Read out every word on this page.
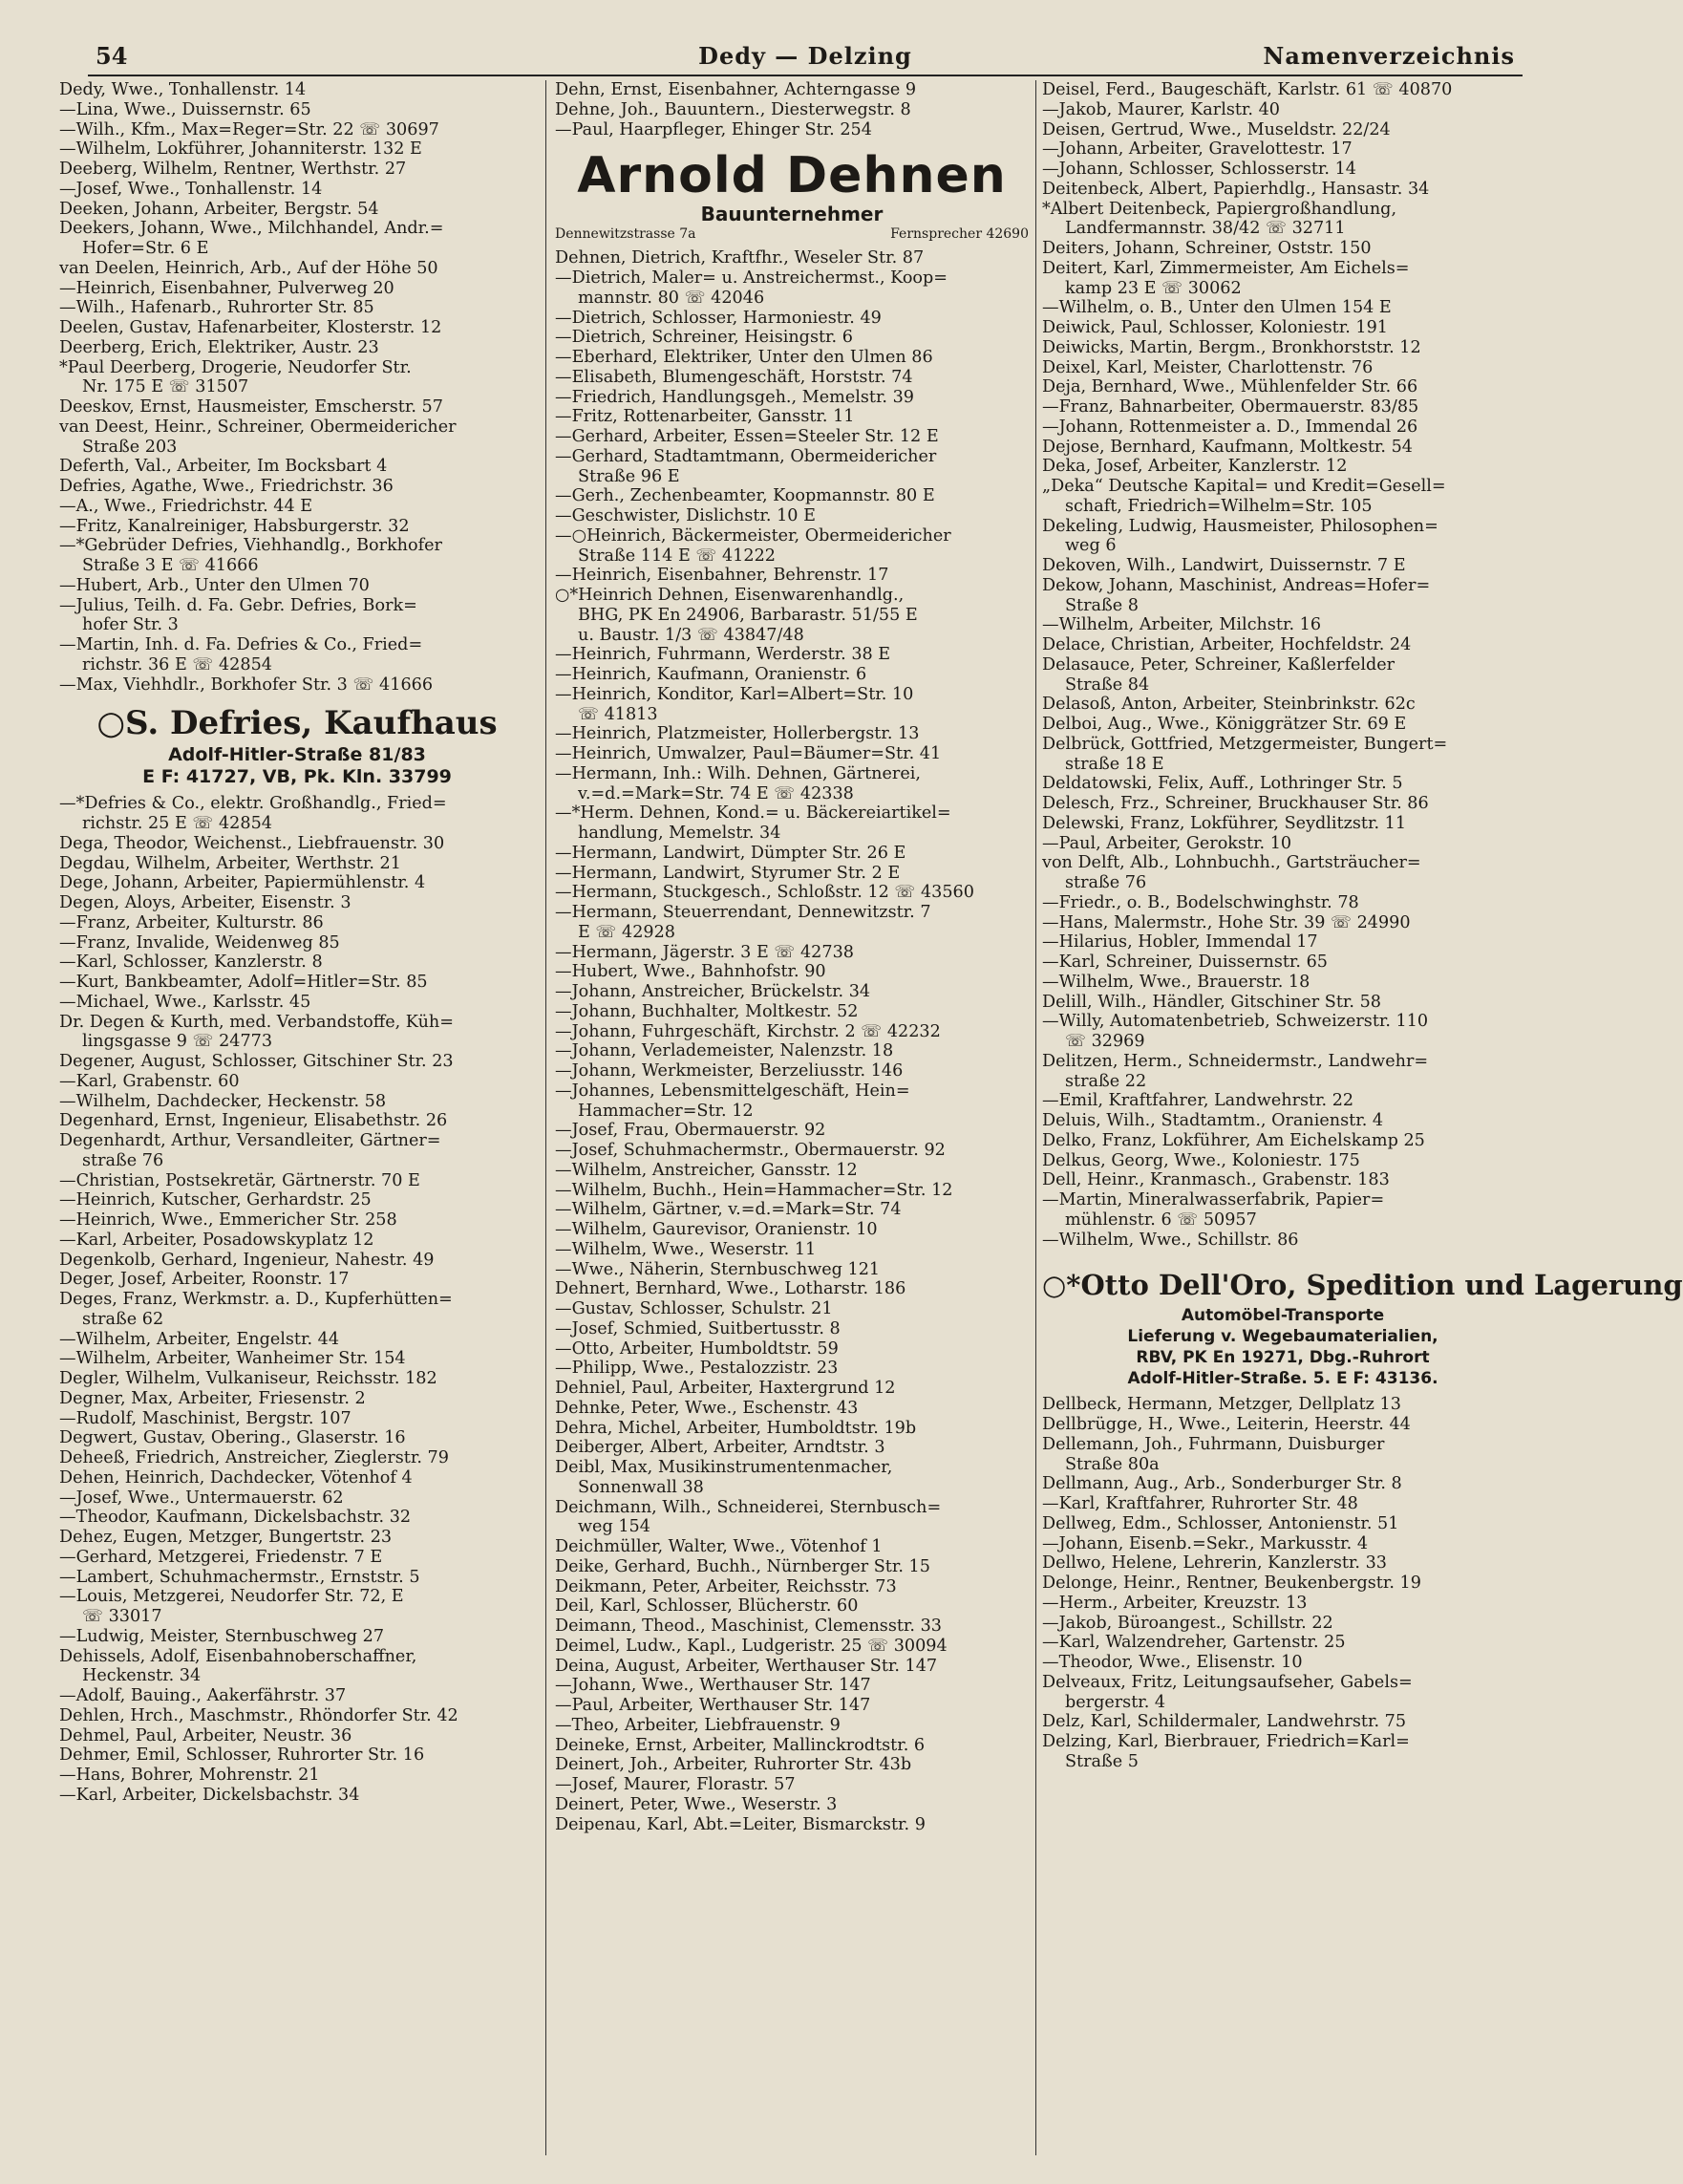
54	Dedy — Delzing	Namenverzeichnis
Dedy, Wwe., Tonhallenstr. 14
—Lina, Wwe., Duissernstr. 65
—Wilh., Kfm., Max=Reger=Str. 22 ☏ 30697
—Wilhelm, Lokführer, Johanniterstr. 132 E
Deeberg, Wilhelm, Rentner, Werthstr. 27
—Josef, Wwe., Tonhallenstr. 14
Deeken, Johann, Arbeiter, Bergstr. 54
Deekers, Johann, Wwe., Milchhandel, Andr.=
Hofer=Str. 6 E
van Deelen, Heinrich, Arb., Auf der Höhe 50
—Heinrich, Eisenbahner, Pulverweg 20
—Wilh., Hafenarb., Ruhrorter Str. 85
Deelen, Gustav, Hafenarbeiter, Klosterstr. 12
Deerberg, Erich, Elektriker, Austr. 23
*Paul Deerberg, Drogerie, Neudorfer Str.
Nr. 175 E ☏ 31507
Deeskov, Ernst, Hausmeister, Emscherstr. 57
van Deest, Heinr., Schreiner, Obermeidericher
Straße 203
Deferth, Val., Arbeiter, Im Bocksbart 4
Defries, Agathe, Wwe., Friedrichstr. 36
—A., Wwe., Friedrichstr. 44 E
—Fritz, Kanalreiniger, Habsburgerstr. 32
—*Gebrüder Defries, Viehhandlg., Borkhofer
Straße 3 E ☏ 41666
—Hubert, Arb., Unter den Ulmen 70
—Julius, Teilh. d. Fa. Gebr. Defries, Bork=
hofer Str. 3
—Martin, Inh. d. Fa. Defries & Co., Fried=
richstr. 36 E ☏ 42854
—Max, Viehhdlr., Borkhofer Str. 3 ☏ 41666
○S. Defries, Kaufhaus
Adolf-Hitler-Straße 81/83
E F: 41727, VB, Pk. Kln. 33799
—*Defries & Co., elektr. Großhandlg., Fried=
richstr. 25 E ☏ 42854
Dega, Theodor, Weichenst., Liebfrauenstr. 30
Degdau, Wilhelm, Arbeiter, Werthstr. 21
Dege, Johann, Arbeiter, Papiermühlenstr. 4
Degen, Aloys, Arbeiter, Eisenstr. 3
—Franz, Arbeiter, Kulturstr. 86
—Franz, Invalide, Weidenweg 85
—Karl, Schlosser, Kanzlerstr. 8
—Kurt, Bankbeamter, Adolf=Hitler=Str. 85
—Michael, Wwe., Karlsstr. 45
Dr. Degen & Kurth, med. Verbandstoffe, Küh=
lingsgasse 9 ☏ 24773
Degener, August, Schlosser, Gitschiner Str. 23
—Karl, Grabenstr. 60
—Wilhelm, Dachdecker, Heckenstr. 58
Degenhard, Ernst, Ingenieur, Elisabethstr. 26
Degenhardt, Arthur, Versandleiter, Gärtner=
straße 76
—Christian, Postsekretär, Gärtnerstr. 70 E
—Heinrich, Kutscher, Gerhardstr. 25
—Heinrich, Wwe., Emmericher Str. 258
—Karl, Arbeiter, Posadowskyplatz 12
Degenkolb, Gerhard, Ingenieur, Nahestr. 49
Deger, Josef, Arbeiter, Roonstr. 17
Deges, Franz, Werkmstr. a. D., Kupferhütten=
straße 62
—Wilhelm, Arbeiter, Engelstr. 44
—Wilhelm, Arbeiter, Wanheimer Str. 154
Degler, Wilhelm, Vulkaniseur, Reichsstr. 182
Degner, Max, Arbeiter, Friesenstr. 2
—Rudolf, Maschinist, Bergstr. 107
Degwert, Gustav, Obering., Glaserstr. 16
Deheeß, Friedrich, Anstreicher, Zieglerstr. 79
Dehen, Heinrich, Dachdecker, Vötenhof 4
—Josef, Wwe., Untermauerstr. 62
—Theodor, Kaufmann, Dickelsbachstr. 32
Dehez, Eugen, Metzger, Bungertstr. 23
—Gerhard, Metzgerei, Friedenstr. 7 E
—Lambert, Schuhmachermstr., Ernststr. 5
—Louis, Metzgerei, Neudorfer Str. 72, E
☏ 33017
—Ludwig, Meister, Sternbuschweg 27
Dehissels, Adolf, Eisenbahnoberschaffner,
Heckenstr. 34
—Adolf, Bauing., Aakerfährstr. 37
Dehlen, Hrch., Maschmstr., Rhöndorfer Str. 42
Dehmel, Paul, Arbeiter, Neustr. 36
Dehmer, Emil, Schlosser, Ruhrorter Str. 16
—Hans, Bohrer, Mohrenstr. 21
—Karl, Arbeiter, Dickelsbachstr. 34
Dehn, Ernst, Eisenbahner, Achterngasse 9
Dehne, Joh., Bauuntern., Diesterwegstr. 8
—Paul, Haarpfleger, Ehinger Str. 254
Arnold Dehnen
Bauunternehmer
Dennewitzstrasse 7a	Fernsprecher 42690
Dehnen, Dietrich, Kraftfhr., Weseler Str. 87
—Dietrich, Maler= u. Anstreichermst., Koop=
mannstr. 80 ☏ 42046
—Dietrich, Schlosser, Harmoniestr. 49
—Dietrich, Schreiner, Heisingstr. 6
—Eberhard, Elektriker, Unter den Ulmen 86
—Elisabeth, Blumengeschäft, Horststr. 74
—Friedrich, Handlungsgeh., Memelstr. 39
—Fritz, Rottenarbeiter, Gansstr. 11
—Gerhard, Arbeiter, Essen=Steeler Str. 12 E
—Gerhard, Stadtamtmann, Obermeidericher
Straße 96 E
—Gerh., Zechenbeamter, Koopmannstr. 80 E
—Geschwister, Dislichstr. 10 E
—○Heinrich, Bäckermeister, Obermeidericher
Straße 114 E ☏ 41222
—Heinrich, Eisenbahner, Behrenstr. 17
○*Heinrich Dehnen, Eisenwarenhandlg.,
BHG, PK En 24906, Barbarastr. 51/55 E
u. Baustr. 1/3 ☏ 43847/48
—Heinrich, Fuhrmann, Werderstr. 38 E
—Heinrich, Kaufmann, Oranienstr. 6
—Heinrich, Konditor, Karl=Albert=Str. 10
☏ 41813
—Heinrich, Platzmeister, Hollerbergstr. 13
—Heinrich, Umwalzer, Paul=Bäumer=Str. 41
—Hermann, Inh.: Wilh. Dehnen, Gärtnerei,
v.=d.=Mark=Str. 74 E ☏ 42338
—*Herm. Dehnen, Kond.= u. Bäckereiartikel=
handlung, Memelstr. 34
—Hermann, Landwirt, Dümpter Str. 26 E
—Hermann, Landwirt, Styrumer Str. 2 E
—Hermann, Stuckgesch., Schloßstr. 12 ☏ 43560
—Hermann, Steuerrendant, Dennewitzstr. 7
E ☏ 42928
—Hermann, Jägerstr. 3 E ☏ 42738
—Hubert, Wwe., Bahnhofstr. 90
—Johann, Anstreicher, Brückelstr. 34
—Johann, Buchhalter, Moltkestr. 52
—Johann, Fuhrgeschäft, Kirchstr. 2 ☏ 42232
—Johann, Verlademeister, Nalenzstr. 18
—Johann, Werkmeister, Berzeliusstr. 146
—Johannes, Lebensmittelgeschäft, Hein=
Hammacher=Str. 12
—Josef, Frau, Obermauerstr. 92
—Josef, Schuhmachermstr., Obermauerstr. 92
—Wilhelm, Anstreicher, Gansstr. 12
—Wilhelm, Buchh., Hein=Hammacher=Str. 12
—Wilhelm, Gärtner, v.=d.=Mark=Str. 74
—Wilhelm, Gaurevisor, Oranienstr. 10
—Wilhelm, Wwe., Weserstr. 11
—Wwe., Näherin, Sternbuschweg 121
Dehnert, Bernhard, Wwe., Lotharstr. 186
—Gustav, Schlosser, Schulstr. 21
—Josef, Schmied, Suitbertusstr. 8
—Otto, Arbeiter, Humboldtstr. 59
—Philipp, Wwe., Pestalozzistr. 23
Dehniel, Paul, Arbeiter, Haxtergrund 12
Dehnke, Peter, Wwe., Eschenstr. 43
Dehra, Michel, Arbeiter, Humboldtstr. 19b
Deiberger, Albert, Arbeiter, Arndtstr. 3
Deibl, Max, Musikinstrumentenmacher,
Sonnenwall 38
Deichmann, Wilh., Schneiderei, Sternbusch=
weg 154
Deichmüller, Walter, Wwe., Vötenhof 1
Deike, Gerhard, Buchh., Nürnberger Str. 15
Deikmann, Peter, Arbeiter, Reichsstr. 73
Deil, Karl, Schlosser, Blücherstr. 60
Deimann, Theod., Maschinist, Clemensstr. 33
Deimel, Ludw., Kapl., Ludgeristr. 25 ☏ 30094
Deina, August, Arbeiter, Werthauser Str. 147
—Johann, Wwe., Werthauser Str. 147
—Paul, Arbeiter, Werthauser Str. 147
—Theo, Arbeiter, Liebfrauenstr. 9
Deineke, Ernst, Arbeiter, Mallinckrodtstr. 6
Deinert, Joh., Arbeiter, Ruhrorter Str. 43b
—Josef, Maurer, Florastr. 57
Deinert, Peter, Wwe., Weserstr. 3
Deipenau, Karl, Abt.=Leiter, Bismarckstr. 9
Deisel, Ferd., Baugeschäft, Karlstr. 61 ☏ 40870
—Jakob, Maurer, Karlstr. 40
Deisen, Gertrud, Wwe., Museldstr. 22/24
—Johann, Arbeiter, Gravelottestr. 17
—Johann, Schlosser, Schlosserstr. 14
Deitenbeck, Albert, Papierhdlg., Hansastr. 34
*Albert Deitenbeck, Papiergroßhandlung,
Landfermannstr. 38/42 ☏ 32711
Deiters, Johann, Schreiner, Oststr. 150
Deitert, Karl, Zimmermeister, Am Eichels=
kamp 23 E ☏ 30062
—Wilhelm, o. B., Unter den Ulmen 154 E
Deiwick, Paul, Schlosser, Koloniestr. 191
Deiwicks, Martin, Bergm., Bronkhorststr. 12
Deixel, Karl, Meister, Charlottenstr. 76
Deja, Bernhard, Wwe., Mühlenfelder Str. 66
—Franz, Bahnarbeiter, Obermauerstr. 83/85
—Johann, Rottenmeister a. D., Immendal 26
Dejose, Bernhard, Kaufmann, Moltkestr. 54
Deka, Josef, Arbeiter, Kanzlerstr. 12
„Deka“ Deutsche Kapital= und Kredit=Gesell=
schaft, Friedrich=Wilhelm=Str. 105
Dekeling, Ludwig, Hausmeister, Philosophen=
weg 6
Dekoven, Wilh., Landwirt, Duissernstr. 7 E
Dekow, Johann, Maschinist, Andreas=Hofer=
Straße 8
—Wilhelm, Arbeiter, Milchstr. 16
Delace, Christian, Arbeiter, Hochfeldstr. 24
Delasauce, Peter, Schreiner, Kaßlerfelder
Straße 84
Delasoß, Anton, Arbeiter, Steinbrinkstr. 62c
Delboi, Aug., Wwe., Königgrätzer Str. 69 E
Delbrück, Gottfried, Metzgermeister, Bungert=
straße 18 E
Deldatowski, Felix, Auff., Lothringer Str. 5
Delesch, Frz., Schreiner, Bruckhauser Str. 86
Delewski, Franz, Lokführer, Seydlitzstr. 11
—Paul, Arbeiter, Gerokstr. 10
von Delft, Alb., Lohnbuchh., Gartsträucher=
straße 76
—Friedr., o. B., Bodelschwinghstr. 78
—Hans, Malermstr., Hohe Str. 39 ☏ 24990
—Hilarius, Hobler, Immendal 17
—Karl, Schreiner, Duissernstr. 65
—Wilhelm, Wwe., Brauerstr. 18
Delill, Wilh., Händler, Gitschiner Str. 58
—Willy, Automatenbetrieb, Schweizerstr. 110
☏ 32969
Delitzen, Herm., Schneidermstr., Landwehr=
straße 22
—Emil, Kraftfahrer, Landwehrstr. 22
Deluis, Wilh., Stadtamtm., Oranienstr. 4
Delko, Franz, Lokführer, Am Eichelskamp 25
Delkus, Georg, Wwe., Koloniestr. 175
Dell, Heinr., Kranmasch., Grabenstr. 183
—Martin, Mineralwasserfabrik, Papier=
mühlenstr. 6 ☏ 50957
—Wilhelm, Wwe., Schillstr. 86
○*Otto Dell'Oro, Spedition und Lagerung
Automöbel-Transporte
Lieferung v. Wegebaumaterialien,
RBV, PK En 19271, Dbg.-Ruhrort
Adolf-Hitler-Straße. 5. E F: 43136.
Dellbeck, Hermann, Metzger, Dellplatz 13
Dellbrügge, H., Wwe., Leiterin, Heerstr. 44
Dellemann, Joh., Fuhrmann, Duisburger
Straße 80a
Dellmann, Aug., Arb., Sonderburger Str. 8
—Karl, Kraftfahrer, Ruhrorter Str. 48
Dellweg, Edm., Schlosser, Antonienstr. 51
—Johann, Eisenb.=Sekr., Markusstr. 4
Dellwo, Helene, Lehrerin, Kanzlerstr. 33
Delonge, Heinr., Rentner, Beukenbergstr. 19
—Herm., Arbeiter, Kreuzstr. 13
—Jakob, Büroangest., Schillstr. 22
—Karl, Walzendreher, Gartenstr. 25
—Theodor, Wwe., Elisenstr. 10
Delveaux, Fritz, Leitungsaufseher, Gabels=
bergerstr. 4
Delz, Karl, Schildermaler, Landwehrstr. 75
Delzing, Karl, Bierbrauer, Friedrich=Karl=
Straße 5
